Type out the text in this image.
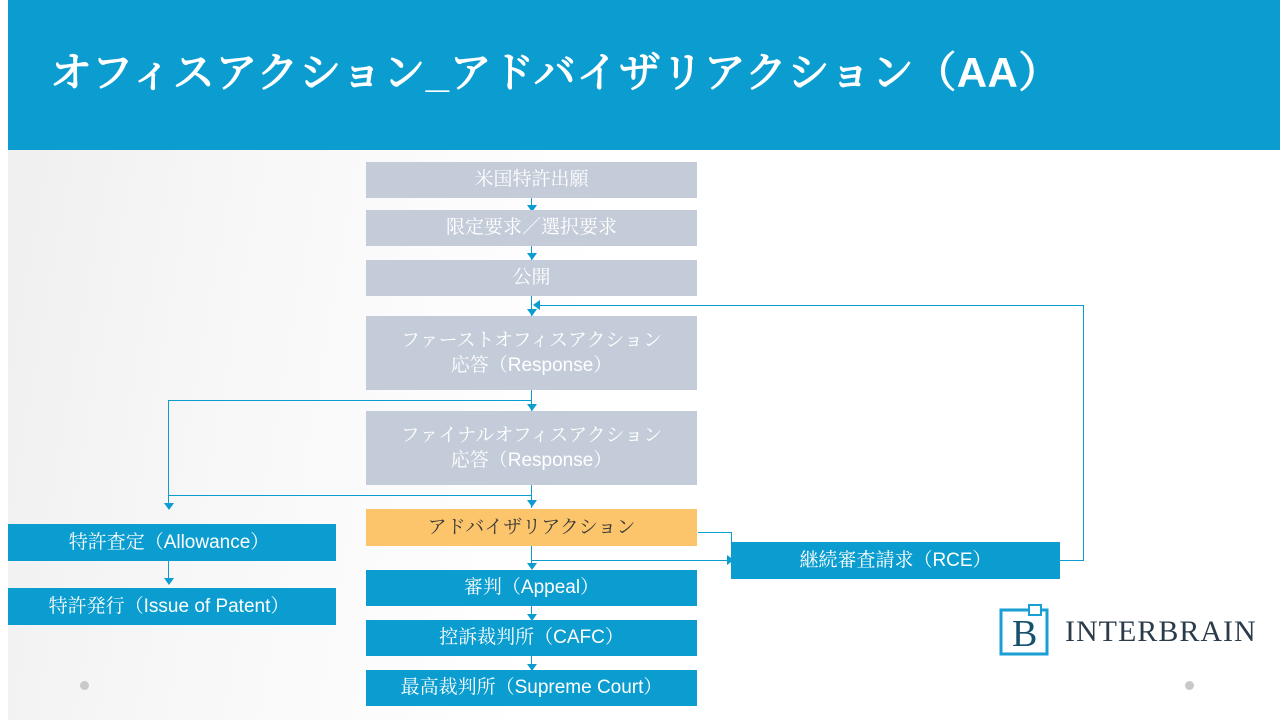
オフィスアクション_アドバイザリアクション（AA）
米国特許出願
限定要求／選択要求
公開
ファーストオフィスアクション
応答（Response）
ファイナルオフィスアクション
応答（Response）
アドバイザリアクション
特許査定（Allowance）
特許発行（Issue of Patent）
継続審査請求（RCE）
審判（Appeal）
控訴裁判所（CAFC）
最高裁判所（Supreme Court）
B INTERBRAIN
